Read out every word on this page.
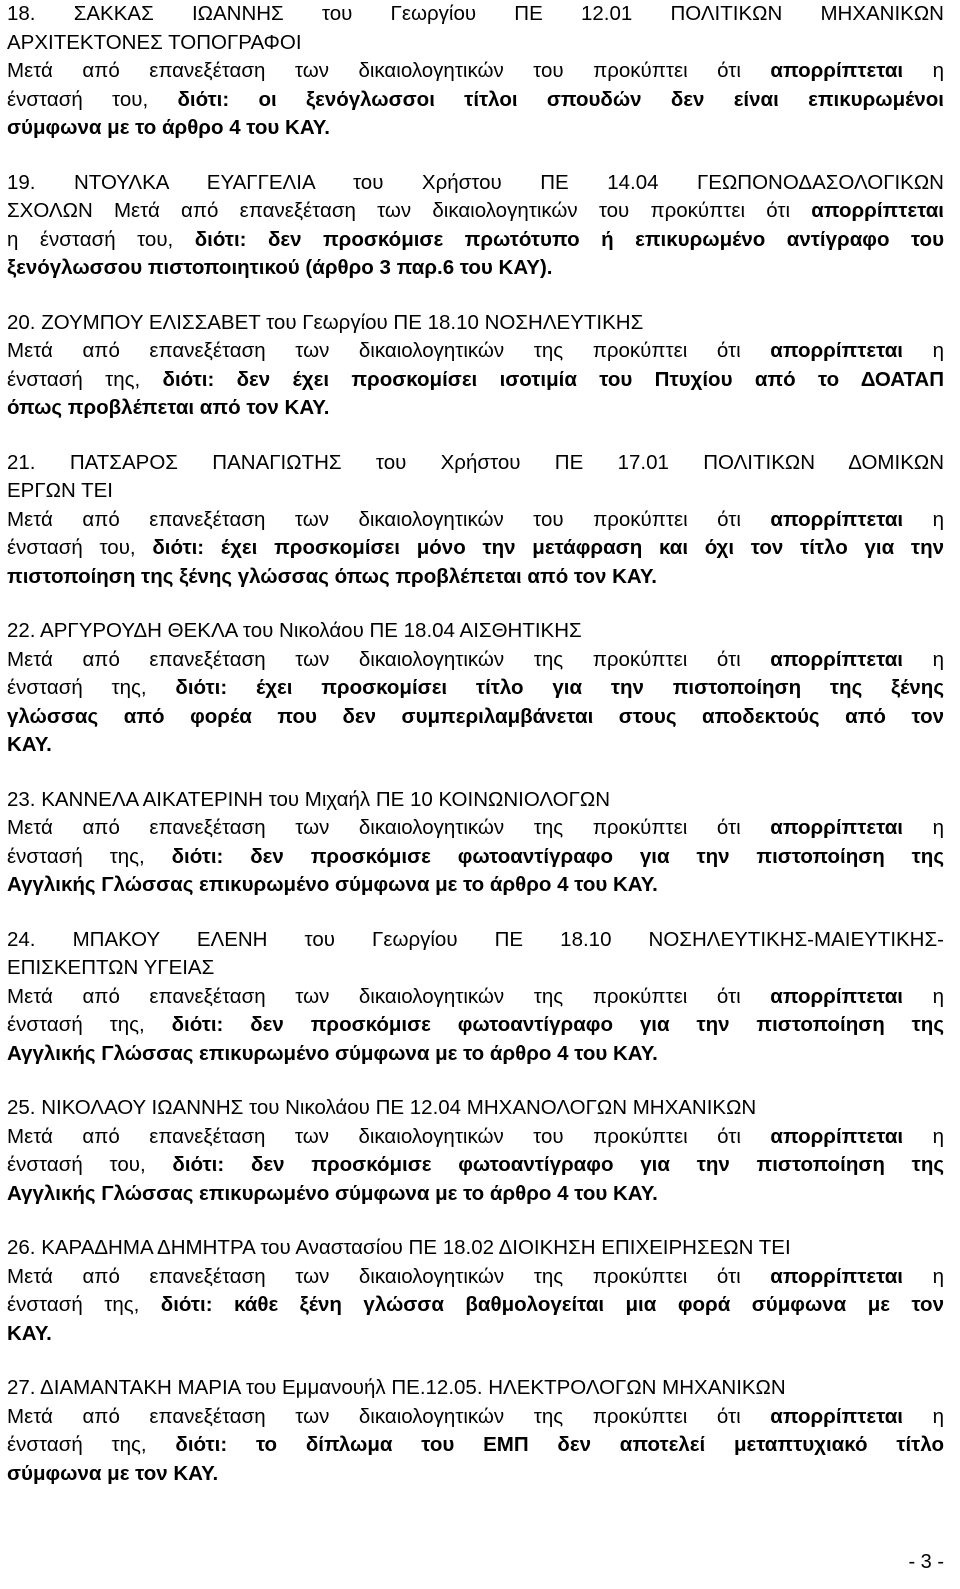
18. ΣΑΚΚΑΣ ΙΩΑΝΝΗΣ του Γεωργίου ΠΕ 12.01 ΠΟΛΙΤΙΚΩΝ ΜΗΧΑΝΙΚΩΝ
ΑΡΧΙΤΕΚΤΟΝΕΣ ΤΟΠΟΓΡΑΦΟΙ
Μετά από επανεξέταση των δικαιολογητικών του προκύπτει ότι απορρίπτεται η
ένστασή του, διότι: οι ξενόγλωσσοι τίτλοι σπουδών δεν είναι επικυρωμένοι
σύμφωνα με το άρθρο 4 του ΚΑΥ.
19. ΝΤΟΥΛΚΑ ΕΥΑΓΓΕΛΙΑ του Χρήστου ΠΕ 14.04 ΓΕΩΠΟΝΟΔΑΣΟΛΟΓΙΚΩΝ
ΣΧΟΛΩΝ Μετά από επανεξέταση των δικαιολογητικών του προκύπτει ότι απορρίπτεται
η ένστασή του, διότι: δεν προσκόμισε πρωτότυπο ή επικυρωμένο αντίγραφο του
ξενόγλωσσου πιστοποιητικού (άρθρο 3 παρ.6 του ΚΑΥ).
20. ΖΟΥΜΠΟΥ ΕΛΙΣΣΑΒΕΤ του Γεωργίου ΠΕ 18.10 ΝΟΣΗΛΕΥΤΙΚΗΣ
Μετά από επανεξέταση των δικαιολογητικών της προκύπτει ότι απορρίπτεται η
ένστασή της, διότι: δεν έχει προσκομίσει ισοτιμία του Πτυχίου από το ΔΟΑΤΑΠ
όπως προβλέπεται από τον ΚΑΥ.
21. ΠΑΤΣΑΡΟΣ ΠΑΝΑΓΙΩΤΗΣ του Χρήστου ΠΕ 17.01 ΠΟΛΙΤΙΚΩΝ ΔΟΜΙΚΩΝ
ΕΡΓΩΝ ΤΕΙ
Μετά από επανεξέταση των δικαιολογητικών του προκύπτει ότι απορρίπτεται η
ένστασή του, διότι: έχει προσκομίσει μόνο την μετάφραση και όχι τον τίτλο για την
πιστοποίηση της ξένης γλώσσας όπως προβλέπεται από τον ΚΑΥ.
22. ΑΡΓΥΡΟΥΔΗ ΘΕΚΛΑ του Νικολάου ΠΕ 18.04 ΑΙΣΘΗΤΙΚΗΣ
Μετά από επανεξέταση των δικαιολογητικών της προκύπτει ότι απορρίπτεται η
ένστασή της, διότι: έχει προσκομίσει τίτλο για την πιστοποίηση της ξένης
γλώσσας από φορέα που δεν συμπεριλαμβάνεται στους αποδεκτούς από τον
ΚΑΥ.
23. ΚΑΝΝΕΛΑ ΑΙΚΑΤΕΡΙΝΗ του Μιχαήλ ΠΕ 10 ΚΟΙΝΩΝΙΟΛΟΓΩΝ
Μετά από επανεξέταση των δικαιολογητικών της προκύπτει ότι απορρίπτεται η
ένστασή της, διότι: δεν προσκόμισε φωτοαντίγραφο για την πιστοποίηση της
Αγγλικής Γλώσσας επικυρωμένο σύμφωνα με το άρθρο 4 του ΚΑΥ.
24. ΜΠΑΚΟΥ ΕΛΕΝΗ του Γεωργίου ΠΕ 18.10 ΝΟΣΗΛΕΥΤΙΚΗΣ-ΜΑΙΕΥΤΙΚΗΣ-
ΕΠΙΣΚΕΠΤΩΝ ΥΓΕΙΑΣ
Μετά από επανεξέταση των δικαιολογητικών της προκύπτει ότι απορρίπτεται η
ένστασή της, διότι: δεν προσκόμισε φωτοαντίγραφο για την πιστοποίηση της
Αγγλικής Γλώσσας επικυρωμένο σύμφωνα με το άρθρο 4 του ΚΑΥ.
25. ΝΙΚΟΛΑΟΥ ΙΩΑΝΝΗΣ του Νικολάου ΠΕ 12.04 ΜΗΧΑΝΟΛΟΓΩΝ ΜΗΧΑΝΙΚΩΝ
Μετά από επανεξέταση των δικαιολογητικών του προκύπτει ότι απορρίπτεται η
ένστασή του, διότι: δεν προσκόμισε φωτοαντίγραφο για την πιστοποίηση της
Αγγλικής Γλώσσας επικυρωμένο σύμφωνα με το άρθρο 4 του ΚΑΥ.
26. ΚΑΡΑΔΗΜΑ ΔΗΜΗΤΡΑ του Αναστασίου ΠΕ 18.02 ΔΙΟΙΚΗΣΗ ΕΠΙΧΕΙΡΗΣΕΩΝ ΤΕΙ
Μετά από επανεξέταση των δικαιολογητικών της προκύπτει ότι απορρίπτεται η
ένστασή της, διότι: κάθε ξένη γλώσσα βαθμολογείται μια φορά σύμφωνα με τον
ΚΑΥ.
27. ΔΙΑΜΑΝΤΑΚΗ ΜΑΡΙΑ του Εμμανουήλ ΠΕ.12.05. ΗΛΕΚΤΡΟΛΟΓΩΝ ΜΗΧΑΝΙΚΩΝ
Μετά από επανεξέταση των δικαιολογητικών της προκύπτει ότι απορρίπτεται η
ένστασή της, διότι: το δίπλωμα του ΕΜΠ δεν αποτελεί μεταπτυχιακό τίτλο
σύμφωνα με τον ΚΑΥ.
- 3 -
